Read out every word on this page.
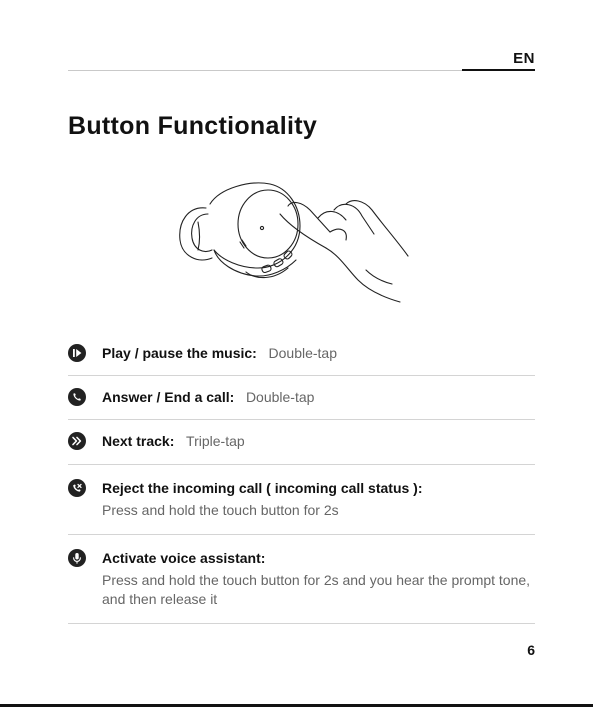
EN
Button Functionality
Play / pause the music: Double-tap
Answer / End a call: Double-tap
Next track: Triple-tap
Reject the incoming call ( incoming call status ):
Press and hold the touch button for 2s
Activate voice assistant:
Press and hold the touch button for 2s and you hear the prompt tone, and then release it
6
